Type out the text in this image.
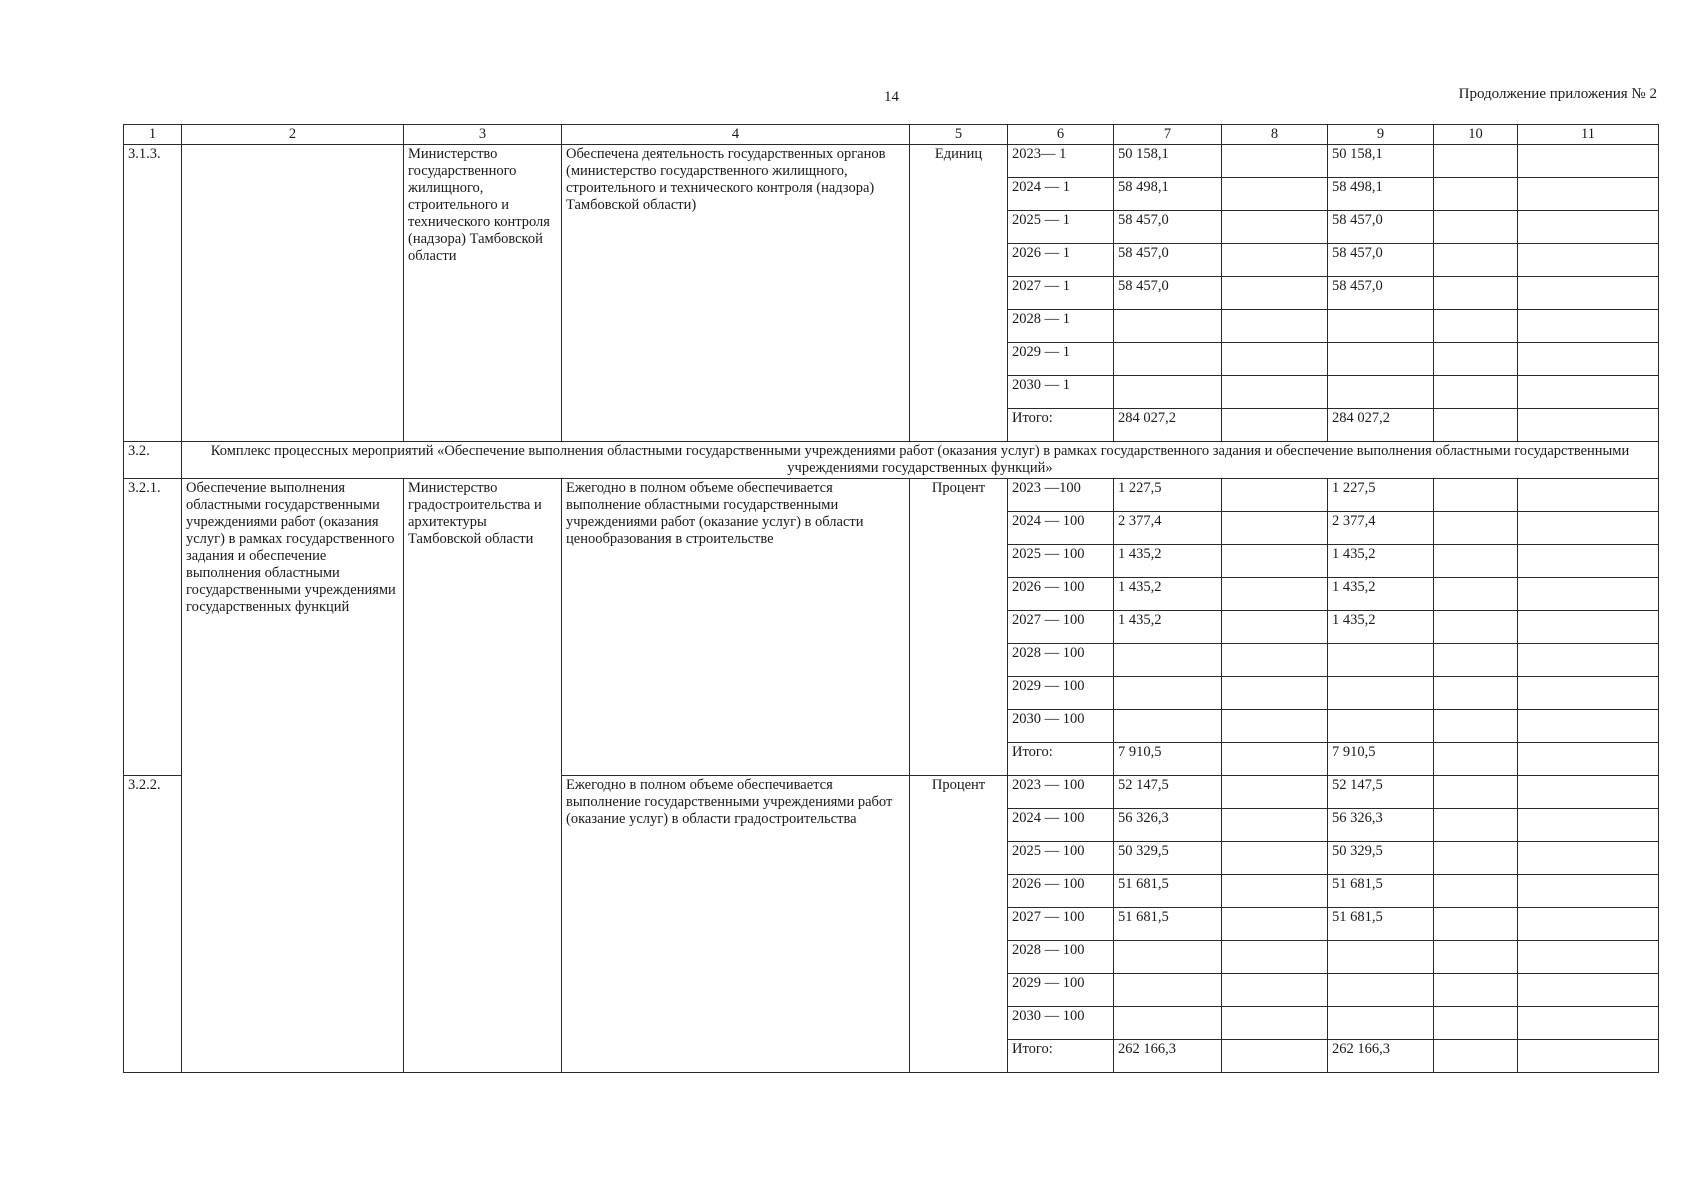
14	Продолжение приложения № 2
1	2	3	4	5	6	7	8	9	10	11
3.1.3.		Министерство государственного жилищного, строительного и технического контроля (надзора) Тамбовской области	Обеспечена деятельность государственных органов (министерство государственного жилищного, строительного и технического контроля (надзора) Тамбовской области)	Единиц	2023— 1	50 158,1		50 158,1		
					2024 — 1	58 498,1		58 498,1		
					2025 — 1	58 457,0		58 457,0		
					2026 — 1	58 457,0		58 457,0		
					2027 — 1	58 457,0		58 457,0		
					2028 — 1					
					2029 — 1					
					2030 — 1					
					Итого:	284 027,2		284 027,2		
3.2.	Комплекс процессных мероприятий «Обеспечение выполнения областными государственными учреждениями работ (оказания услуг) в рамках государственного задания и обеспечение выполнения областными государственными учреждениями государственных функций»									
3.2.1.	Обеспечение выполнения областными государственными учреждениями работ (оказания услуг) в рамках государственного задания и обеспечение выполнения областными государственными учреждениями государственных функций	Министерство градостроительства и архитектуры Тамбовской области	Ежегодно в полном объеме обеспечивается выполнение областными государственными учреждениями работ (оказание услуг) в области ценообразования в строительстве	Процент	2023 —100	1 227,5		1 227,5		
					2024 — 100	2 377,4		2 377,4		
					2025 — 100	1 435,2		1 435,2		
					2026 — 100	1 435,2		1 435,2		
					2027 — 100	1 435,2		1 435,2		
					2028 — 100					
					2029 — 100					
					2030 — 100					
					Итого:	7 910,5		7 910,5		
3.2.2.			Ежегодно в полном объеме обеспечивается выполнение государственными учреждениями работ (оказание услуг) в области градостроительства	Процент	2023 — 100	52 147,5		52 147,5		
					2024 — 100	56 326,3		56 326,3		
					2025 — 100	50 329,5		50 329,5		
					2026 — 100	51 681,5		51 681,5		
					2027 — 100	51 681,5		51 681,5		
					2028 — 100					
					2029 — 100					
					2030 — 100					
					Итого:	262 166,3		262 166,3		
